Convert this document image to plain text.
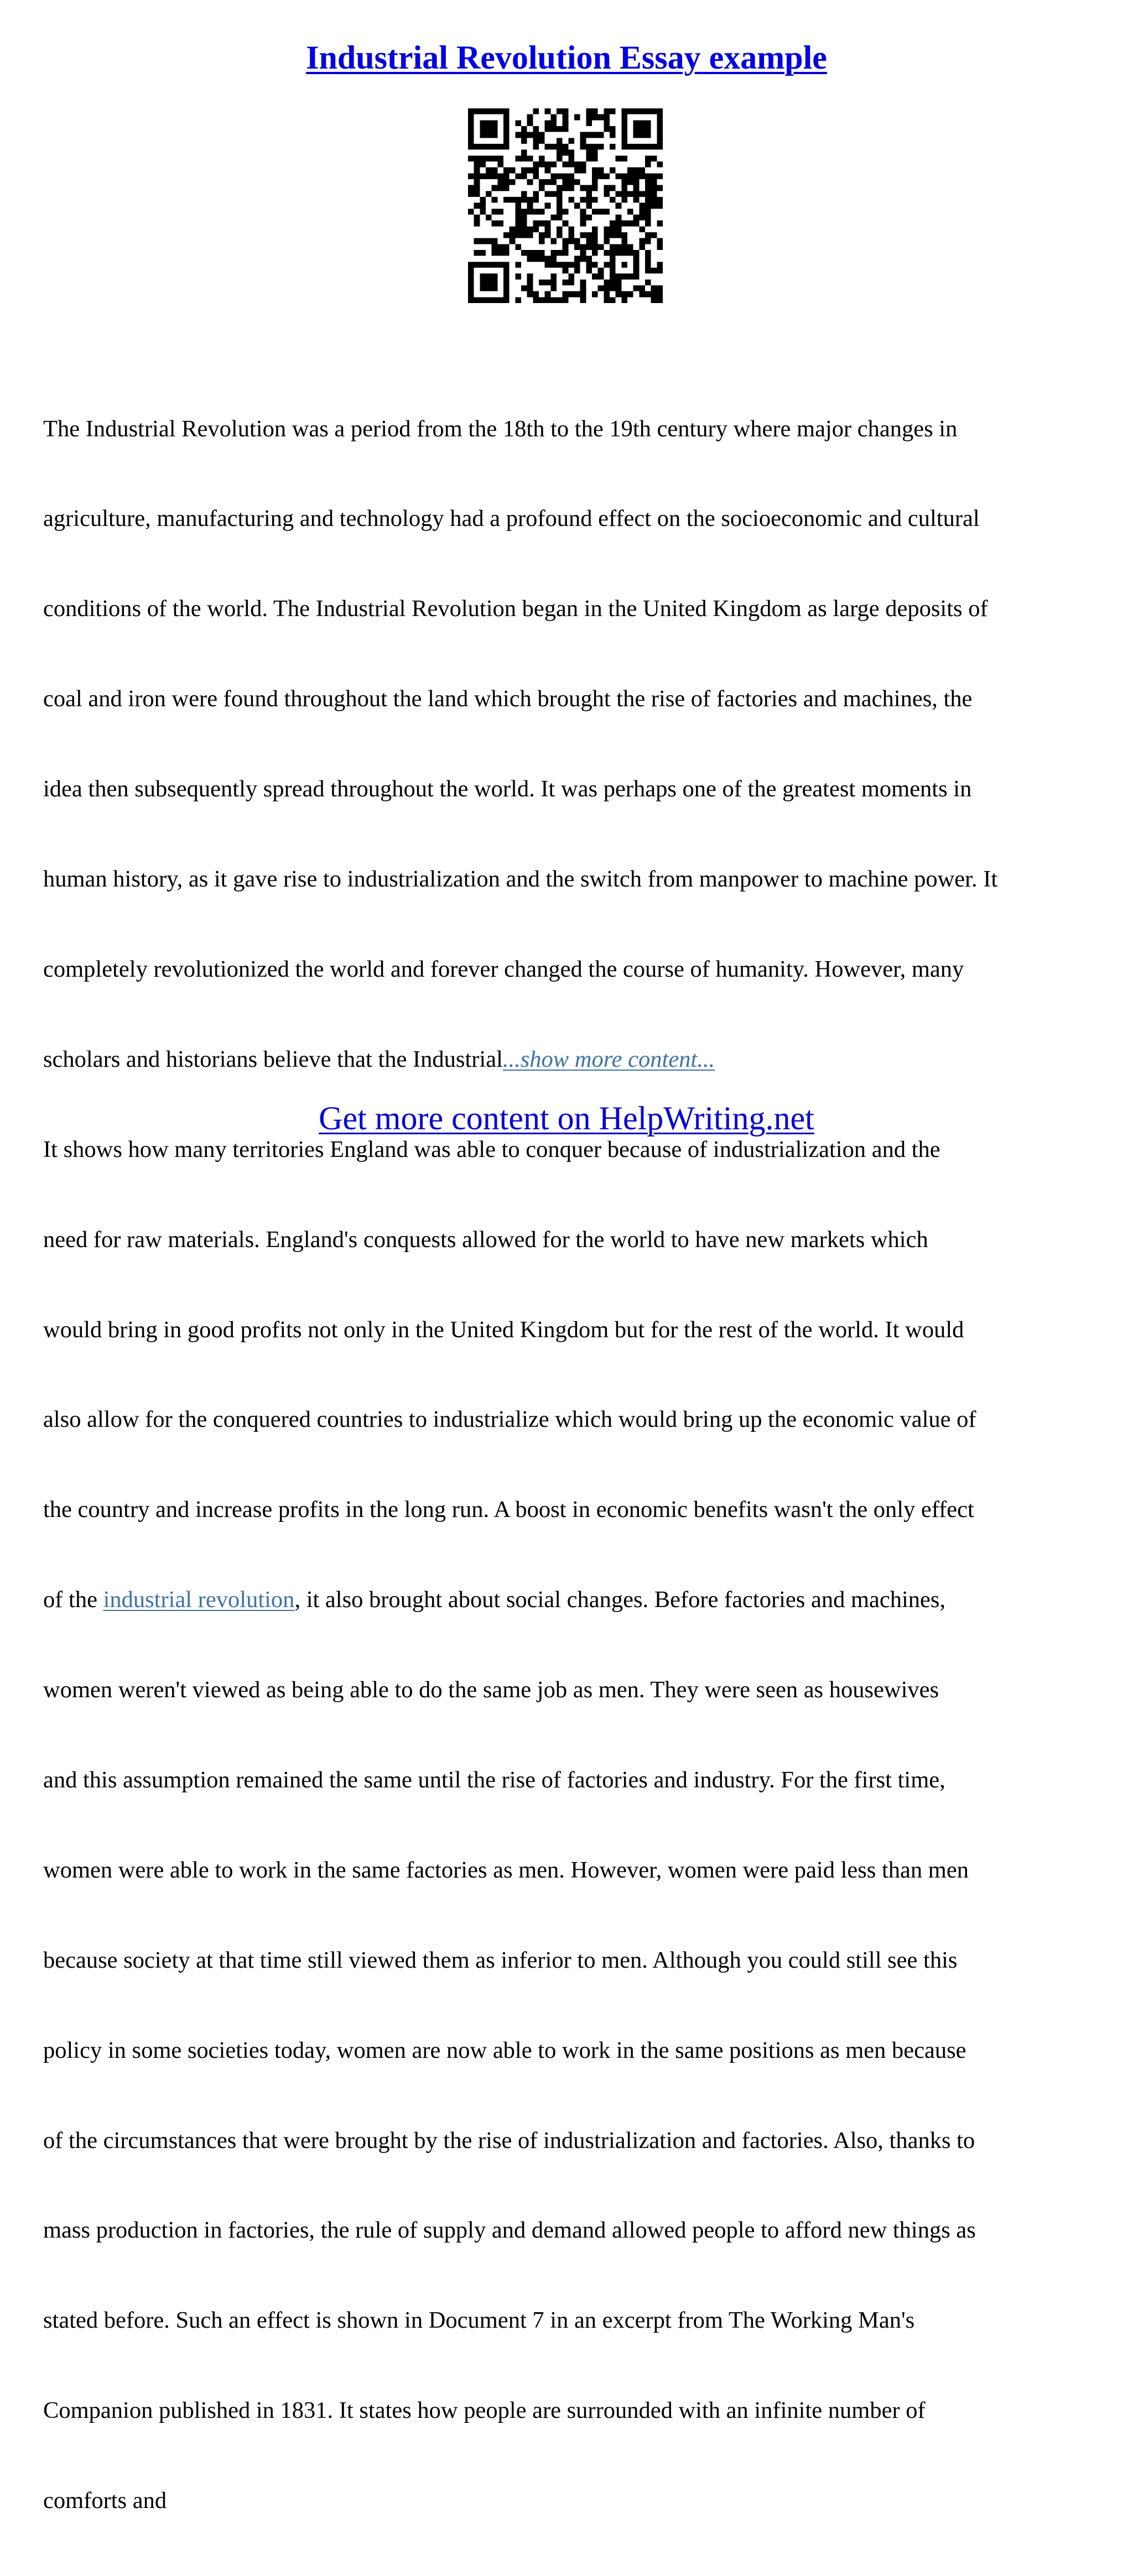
Industrial Revolution Essay example

The Industrial Revolution was a period from the 18th to the 19th century where major changes in

agriculture, manufacturing and technology had a profound effect on the socioeconomic and cultural

conditions of the world. The Industrial Revolution began in the United Kingdom as large deposits of

coal and iron were found throughout the land which brought the rise of factories and machines, the

idea then subsequently spread throughout the world. It was perhaps one of the greatest moments in

human history, as it gave rise to industrialization and the switch from manpower to machine power. It

completely revolutionized the world and forever changed the course of humanity. However, many

scholars and historians believe that the Industrial...show more content...

It shows how many territories England was able to conquer because of industrialization and the

need for raw materials. England's conquests allowed for the world to have new markets which

would bring in good profits not only in the United Kingdom but for the rest of the world. It would

also allow for the conquered countries to industrialize which would bring up the economic value of

the country and increase profits in the long run. A boost in economic benefits wasn't the only effect

of the industrial revolution, it also brought about social changes. Before factories and machines,

women weren't viewed as being able to do the same job as men. They were seen as housewives

and this assumption remained the same until the rise of factories and industry. For the first time,

women were able to work in the same factories as men. However, women were paid less than men

because society at that time still viewed them as inferior to men. Although you could still see this

policy in some societies today, women are now able to work in the same positions as men because

of the circumstances that were brought by the rise of industrialization and factories. Also, thanks to

mass production in factories, the rule of supply and demand allowed people to afford new things as

stated before. Such an effect is shown in Document 7 in an excerpt from The Working Man's

Companion published in 1831. It states how people are surrounded with an infinite number of

comforts and

Get more content on HelpWriting.net
